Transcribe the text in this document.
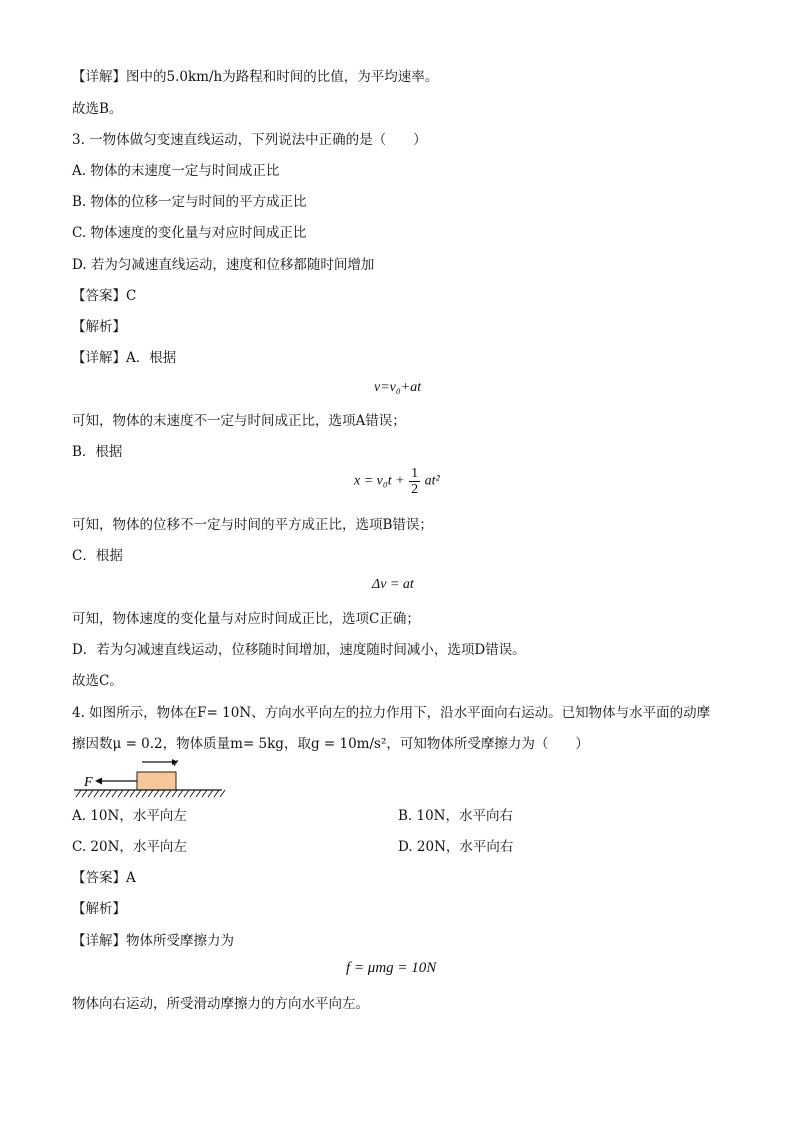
【详解】图中的5.0km/h为路程和时间的比值，为平均速率。
故选B。
3. 一物体做匀变速直线运动，下列说法中正确的是（　　）
A. 物体的末速度一定与时间成正比
B. 物体的位移一定与时间的平方成正比
C. 物体速度的变化量与对应时间成正比
D. 若为匀减速直线运动，速度和位移都随时间增加
【答案】C
【解析】
【详解】A．根据
v=v₀+at
可知，物体的末速度不一定与时间成正比，选项A错误；
B．根据
$x = v_0t + \frac{1}{2} at^2$
可知，物体的位移不一定与时间的平方成正比，选项B错误；
C．根据
Δv = at
可知，物体速度的变化量与对应时间成正比，选项C正确；
D．若为匀减速直线运动，位移随时间增加，速度随时间减小，选项D错误。
故选C。
4. 如图所示，物体在F= 10N、方向水平向左的拉力作用下，沿水平面向右运动。已知物体与水平面的动摩
擦因数μ = 0.2，物体质量m= 5kg，取g = 10m/s²，可知物体所受摩擦力为（　　）
v
F
A. 10N，水平向左	B. 10N，水平向右
C. 20N，水平向左	D. 20N，水平向右
【答案】A
【解析】
【详解】物体所受摩擦力为
f = μmg = 10N
物体向右运动，所受滑动摩擦力的方向水平向左。
